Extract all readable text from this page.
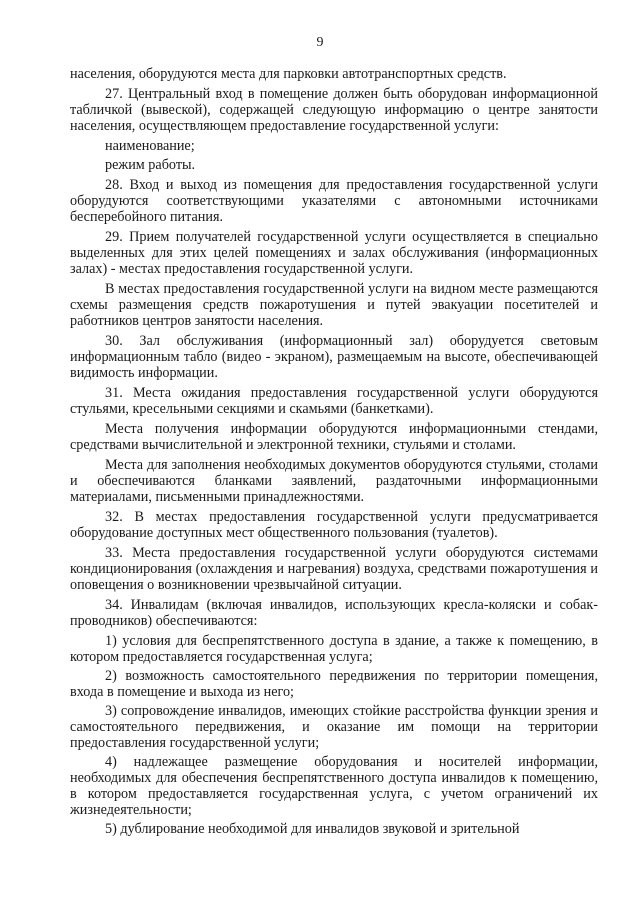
9

населения, оборудуются места для парковки автотранспортных средств.

27. Центральный вход в помещение должен быть оборудован информационной табличкой (вывеской), содержащей следующую информацию о центре занятости населения, осуществляющем предоставление государственной услуги:

наименование;

режим работы.

28. Вход и выход из помещения для предоставления государственной услуги оборудуются соответствующими указателями с автономными источниками бесперебойного питания.

29. Прием получателей государственной услуги осуществляется в специально выделенных для этих целей помещениях и залах обслуживания (информационных залах) - местах предоставления государственной услуги.

В местах предоставления государственной услуги на видном месте размещаются схемы размещения средств пожаротушения и путей эвакуации посетителей и работников центров занятости населения.

30. Зал обслуживания (информационный зал) оборудуется световым информационным табло (видео - экраном), размещаемым на высоте, обеспечивающей видимость информации.

31. Места ожидания предоставления государственной услуги оборудуются стульями, кресельными секциями и скамьями (банкетками).

Места получения информации оборудуются информационными стендами, средствами вычислительной и электронной техники, стульями и столами.

Места для заполнения необходимых документов оборудуются стульями, столами и обеспечиваются бланками заявлений, раздаточными информационными материалами, письменными принадлежностями.

32. В местах предоставления государственной услуги предусматривается оборудование доступных мест общественного пользования (туалетов).

33. Места предоставления государственной услуги оборудуются системами кондиционирования (охлаждения и нагревания) воздуха, средствами пожаротушения и оповещения о возникновении чрезвычайной ситуации.

34. Инвалидам (включая инвалидов, использующих кресла-коляски и собак-проводников) обеспечиваются:

1) условия для беспрепятственного доступа в здание, а также к помещению, в котором предоставляется государственная услуга;

2) возможность самостоятельного передвижения по территории помещения, входа в помещение и выхода из него;

3) сопровождение инвалидов, имеющих стойкие расстройства функции зрения и самостоятельного передвижения, и оказание им помощи на территории предоставления государственной услуги;

4) надлежащее размещение оборудования и носителей информации, необходимых для обеспечения беспрепятственного доступа инвалидов к помещению, в котором предоставляется государственная услуга, с учетом ограничений их жизнедеятельности;

5) дублирование необходимой для инвалидов звуковой и зрительной
